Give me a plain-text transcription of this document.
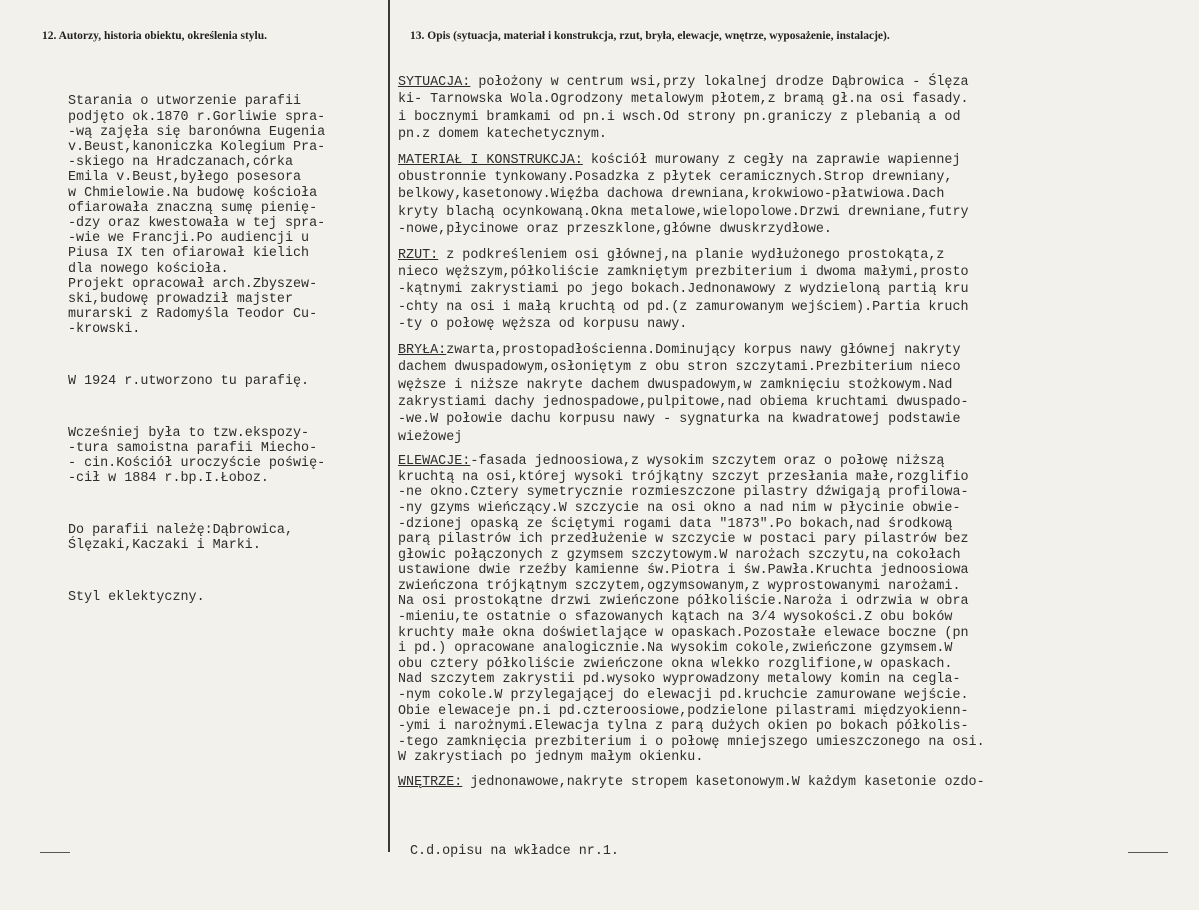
12. Autorzy, historia obiektu, określenia stylu.	13. Opis (sytuacja, materiał i konstrukcja, rzut, bryła, elewacje, wnętrze, wyposażenie, instalacje).

Starania o utworzenie parafii
podjęto ok.1870 r.Gorliwie spra-
-wą zajęła się baronówna Eugenia
v.Beust,kanoniczka Kolegium Pra-
-skiego na Hradczanach,córka
Emila v.Beust,byłego posesora
w Chmielowie.Na budowę kościoła
ofiarowała znaczną sumę pienię-
-dzy oraz kwestowała w tej spra-
-wie we Francji.Po audiencji u
Piusa IX ten ofiarował kielich
dla nowego kościoła.
Projekt opracował arch.Zbyszew-
ski,budowę prowadził majster
murarski z Radomyśla Teodor Cu-
-krowski.

W 1924 r.utworzono tu parafię.

Wcześniej była to tzw.ekspozy-
-tura samoistna parafii Miecho-
- cin.Kościół uroczyście poświę-
-cił w 1884 r.bp.I.Łoboz.

Do parafii należę:Dąbrowica,
Ślęzaki,Kaczaki i Marki.

Styl eklektyczny.

SYTUACJA: położony w centrum wsi,przy lokalnej drodze Dąbrowica - Ślęza
ki- Tarnowska Wola.Ogrodzony metalowym płotem,z bramą gł.na osi fasady.
i bocznymi bramkami od pn.i wsch.Od strony pn.graniczy z plebanią a od
pn.z domem katechetycznym.
MATERIAŁ I KONSTRUKCJA: kościół murowany z cegły na zaprawie wapiennej
obustronnie tynkowany.Posadzka z płytek ceramicznych.Strop drewniany,
belkowy,kasetonowy.Więźba dachowa drewniana,krokwiowo-płatwiowa.Dach
kryty blachą ocynkowaną.Okna metalowe,wielopolowe.Drzwi drewniane,futry
-nowe,płycinowe oraz przeszklone,główne dwuskrzydłowe.
RZUT: z podkreśleniem osi głównej,na planie wydłużonego prostokąta,z
nieco węższym,półkoliście zamkniętym prezbiterium i dwoma małymi,prosto
-kątnymi zakrystiami po jego bokach.Jednonawowy z wydzieloną partią kru
-chty na osi i małą kruchtą od pd.(z zamurowanym wejściem).Partia kruch
-ty o połowę węższa od korpusu nawy.
BRYŁA:zwarta,prostopadłościenna.Dominujący korpus nawy głównej nakryty
dachem dwuspadowym,osłoniętym z obu stron szczytami.Prezbiterium nieco
węższe i niższe nakryte dachem dwuspadowym,w zamknięciu stożkowym.Nad
zakrystiami dachy jednospadowe,pulpitowe,nad obiema kruchtami dwuspado-
-we.W połowie dachu korpusu nawy - sygnaturka na kwadratowej podstawie
wieżowej
ELEWACJE:-fasada jednoosiowa,z wysokim szczytem oraz o połowę niższą
kruchtą na osi,której wysoki trójkątny szczyt przesłania małe,rozglifio
-ne okno.Cztery symetrycznie rozmieszczone pilastry dźwigają profilowa-
-ny gzyms wieńczący.W szczycie na osi okno a nad nim w płycinie obwie-
-dzionej opaską ze ściętymi rogami data "1873".Po bokach,nad środkową
parą pilastrów ich przedłużenie w szczycie w postaci pary pilastrów bez
głowic połączonych z gzymsem szczytowym.W narożach szczytu,na cokołach
ustawione dwie rzeźby kamienne św.Piotra i św.Pawła.Kruchta jednoosiowa
zwieńczona trójkątnym szczytem,ogzymsowanym,z wyprostowanymi narożami.
Na osi prostokątne drzwi zwieńczone półkoliście.Naroża i odrzwia w obra
-mieniu,te ostatnie o sfazowanych kątach na 3/4 wysokości.Z obu boków
kruchty małe okna doświetlające w opaskach.Pozostałe elewace boczne (pn
i pd.) opracowane analogicznie.Na wysokim cokole,zwieńczone gzymsem.W
obu cztery półkoliście zwieńczone okna wlekko rozglifione,w opaskach.
Nad szczytem zakrystii pd.wysoko wyprowadzony metalowy komin na cegla-
-nym cokole.W przylegającej do elewacji pd.kruchcie zamurowane wejście.
Obie elewaceje pn.i pd.czteroosiowe,podzielone pilastrami międzyokienn-
-ymi i narożnymi.Elewacja tylna z parą dużych okien po bokach półkolis-
-tego zamknięcia prezbiterium i o połowę mniejszego umieszczonego na osi.
W zakrystiach po jednym małym okienku.
WNĘTRZE: jednonawowe,nakryte stropem kasetonowym.W każdym kasetonie ozdo-
C.d.opisu na wkładce nr.1.
